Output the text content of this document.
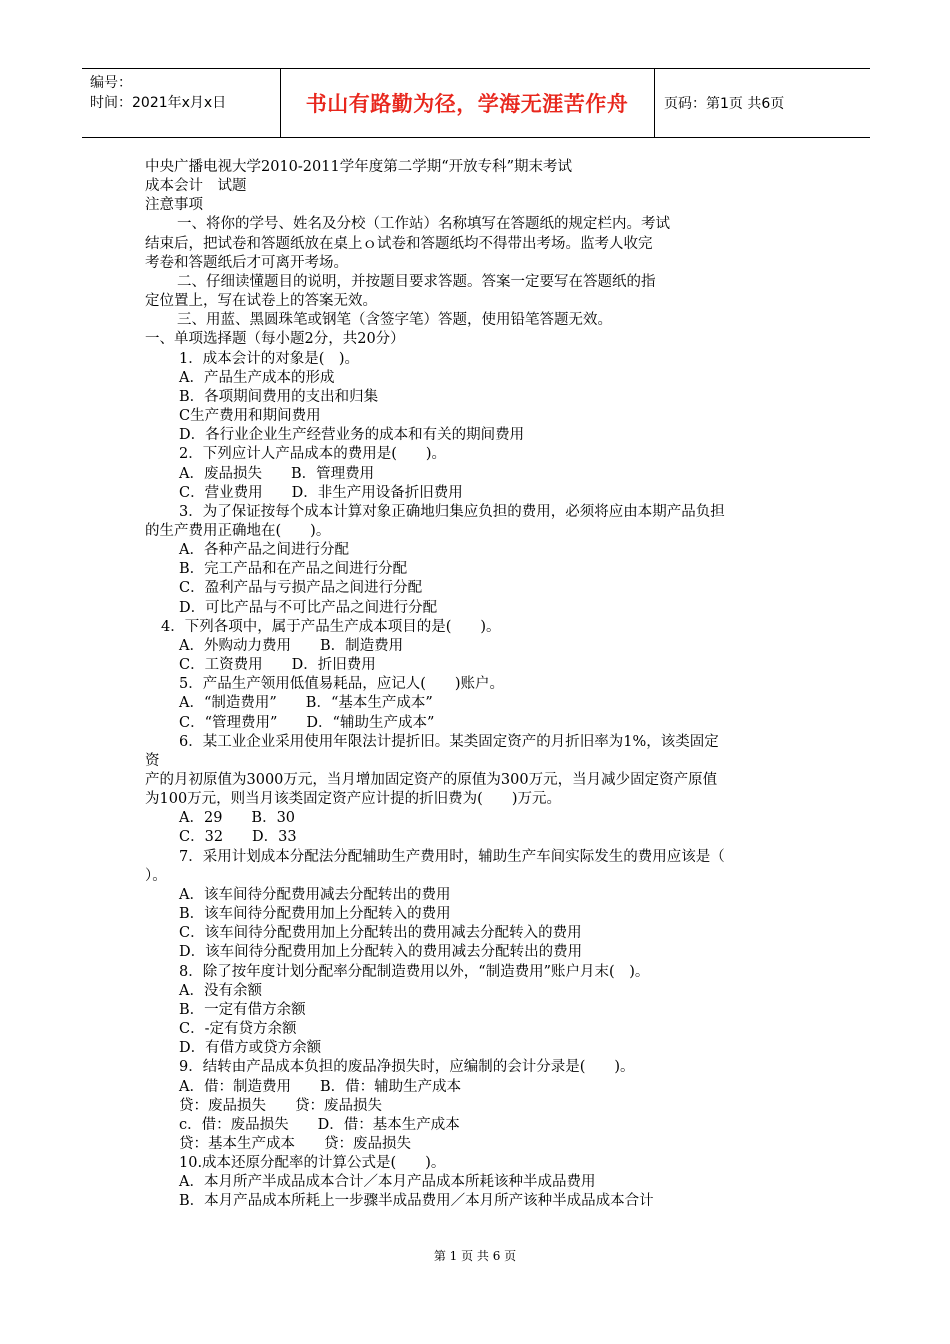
编号：
时间：2021年x月x日	书山有路勤为径，学海无涯苦作舟	页码：第1页 共6页

中央广播电视大学2010-2011学年度第二学期“开放专科”期末考试

成本会计　试题

注意事项

一、将你的学号、姓名及分校（工作站）名称填写在答题纸的规定栏内。考试

结束后，把试卷和答题纸放在桌上ｏ试卷和答题纸均不得带出考场。监考人收完

考卷和答题纸后才可离开考场。

二、仔细读懂题目的说明，并按题目要求答题。答案一定要写在答题纸的指

定位置上，写在试卷上的答案无效。

三、用蓝、黑圆珠笔或钢笔（含签字笔）答题，使用铅笔答题无效。

一、单项选择题（每小题2分，共20分）

1．成本会计的对象是(　)。

A．产品生产成本的形成

B．各项期间费用的支出和归集

C生产费用和期间费用

D．各行业企业生产经营业务的成本和有关的期间费用

2．下列应计人产品成本的费用是(　　)。

A．废品损失　　B．管理费用

C．营业费用　　D．非生产用设备折旧费用

3．为了保证按每个成本计算对象正确地归集应负担的费用，必须将应由本期产品负担

的生产费用正确地在(　　)。

A．各种产品之间进行分配

B．完工产品和在产品之间进行分配

C．盈利产品与亏损产品之间进行分配

D．可比产品与不可比产品之间进行分配

4．下列各项中，属于产品生产成本项目的是(　　)。

A．外购动力费用　　B．制造费用

C．工资费用　　D．折旧费用

5．产品生产领用低值易耗品，应记人(　　)账户。

A．“制造费用”　　B．“基本生产成本”

C．“管理费用”　　D．“辅助生产成本”

6．某工业企业采用使用年限法计提折旧。某类固定资产的月折旧率为1%，该类固定

资

产的月初原值为3000万元，当月增加固定资产的原值为300万元，当月减少固定资产原值

为100万元，则当月该类固定资产应计提的折旧费为(　　)万元。

A．29　　B．30

C．32　　D．33

7．采用计划成本分配法分配辅助生产费用时，辅助生产车间实际发生的费用应该是（

）。

A．该车间待分配费用减去分配转出的费用

B．该车间待分配费用加上分配转入的费用

C．该车间待分配费用加上分配转出的费用减去分配转入的费用

D．该车间待分配费用加上分配转入的费用减去分配转出的费用

8．除了按年度计划分配率分配制造费用以外，“制造费用”账户月末(　)。

A．没有余额

B．一定有借方余额

C．-定有贷方余额

D．有借方或贷方余额

9．结转由产品成本负担的废品净损失时，应编制的会计分录是(　　)。

A．借：制造费用　　B．借：辅助生产成本

贷：废品损失　　贷：废品损失

c．借：废品损失　　D．借：基本生产成本

贷：基本生产成本　　贷：废品损失

10.成本还原分配率的计算公式是(　　)。

A．本月所产半成品成本合计／本月产品成本所耗该种半成品费用

B．本月产品成本所耗上一步骤半成品费用／本月所产该种半成品成本合计

第 1 页 共 6 页
